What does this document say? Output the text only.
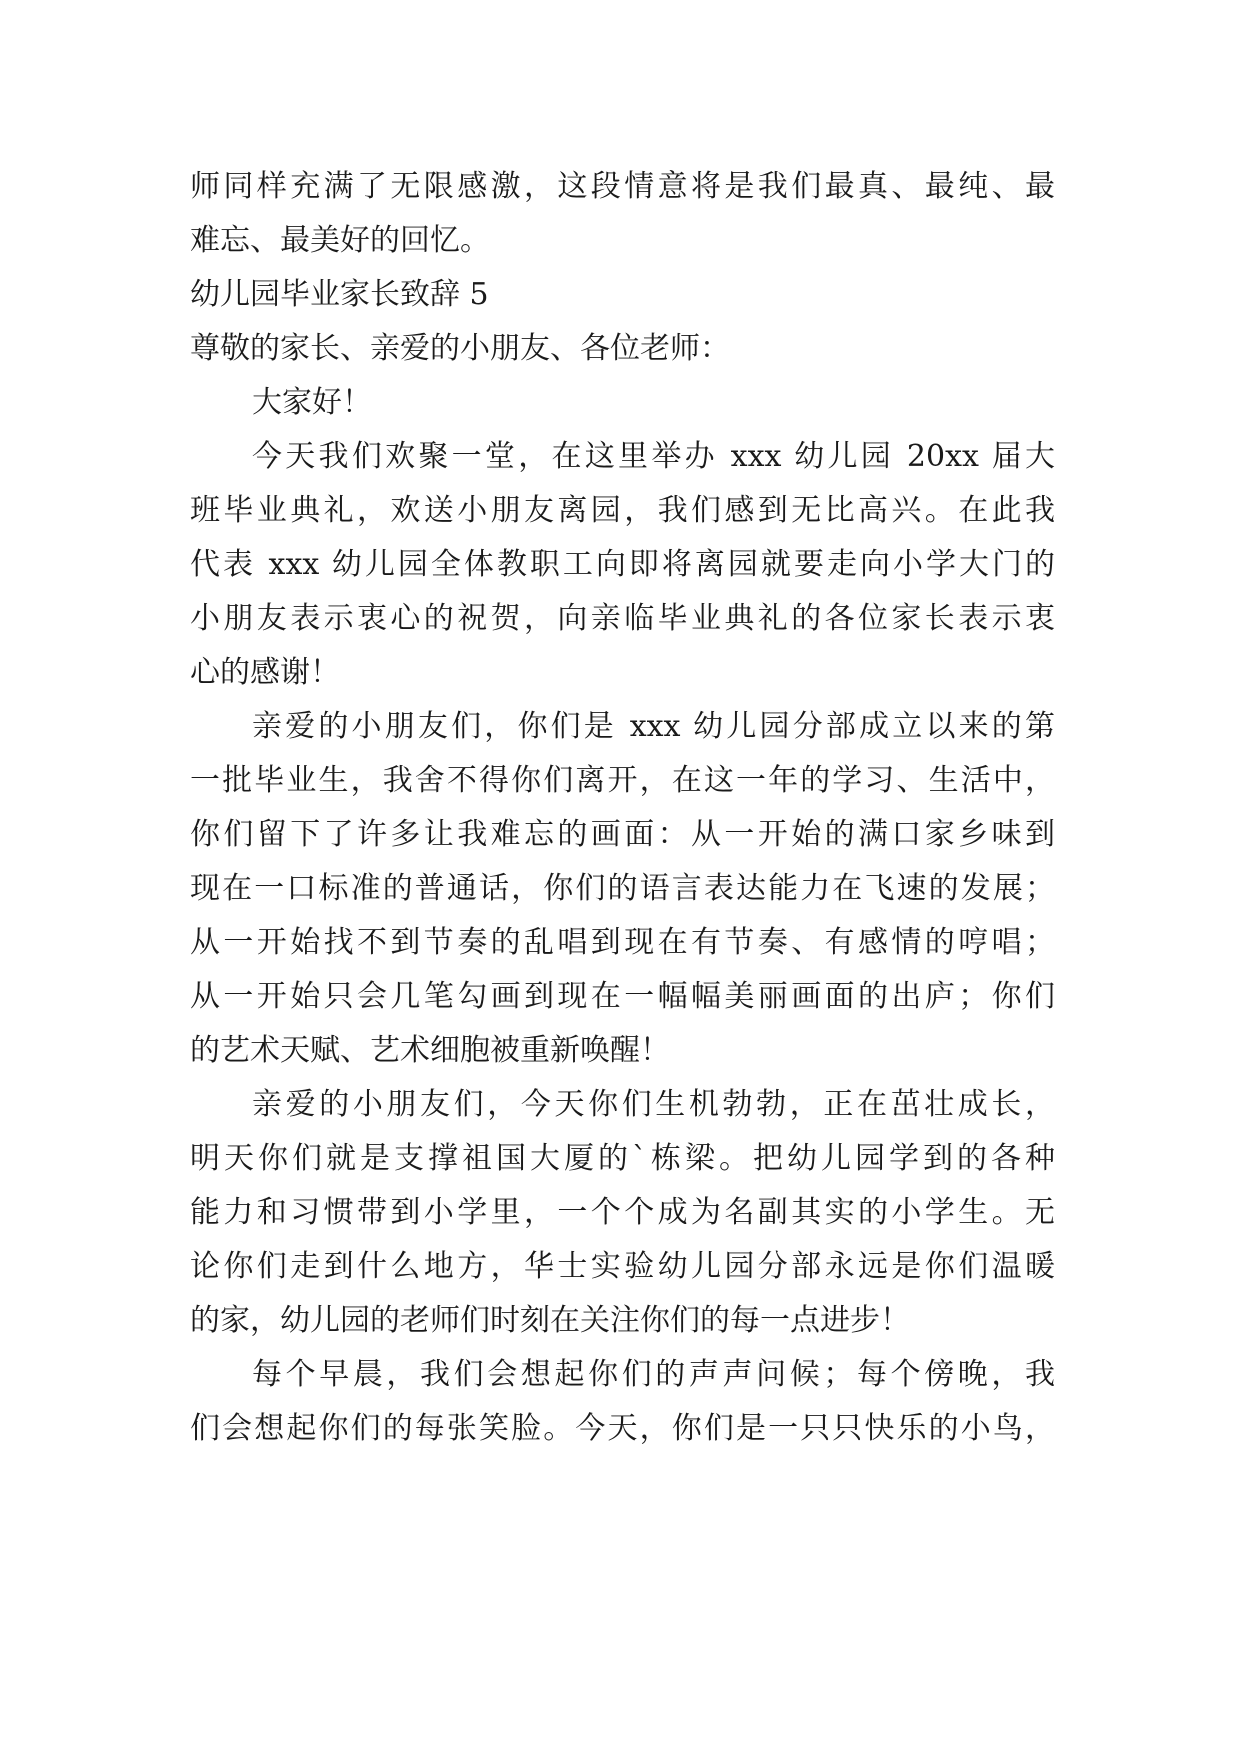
师同样充满了无限感激，这段情意将是我们最真、最纯、最
难忘、最美好的回忆。
幼儿园毕业家长致辞 5
尊敬的家长、亲爱的小朋友、各位老师：
大家好！
今天我们欢聚一堂，在这里举办 xxx 幼儿园 20xx 届大
班毕业典礼，欢送小朋友离园，我们感到无比高兴。在此我
代表 xxx 幼儿园全体教职工向即将离园就要走向小学大门的
小朋友表示衷心的祝贺，向亲临毕业典礼的各位家长表示衷
心的感谢！
亲爱的小朋友们，你们是 xxx 幼儿园分部成立以来的第
一批毕业生，我舍不得你们离开，在这一年的学习、生活中，
你们留下了许多让我难忘的画面：从一开始的满口家乡味到
现在一口标准的普通话，你们的语言表达能力在飞速的发展；
从一开始找不到节奏的乱唱到现在有节奏、有感情的哼唱；
从一开始只会几笔勾画到现在一幅幅美丽画面的出庐；你们
的艺术天赋、艺术细胞被重新唤醒！
亲爱的小朋友们，今天你们生机勃勃，正在茁壮成长，
明天你们就是支撑祖国大厦的`栋梁。把幼儿园学到的各种
能力和习惯带到小学里，一个个成为名副其实的小学生。无
论你们走到什么地方，华士实验幼儿园分部永远是你们温暖
的家，幼儿园的老师们时刻在关注你们的每一点进步！
每个早晨，我们会想起你们的声声问候；每个傍晚，我
们会想起你们的每张笑脸。今天，你们是一只只快乐的小鸟，
